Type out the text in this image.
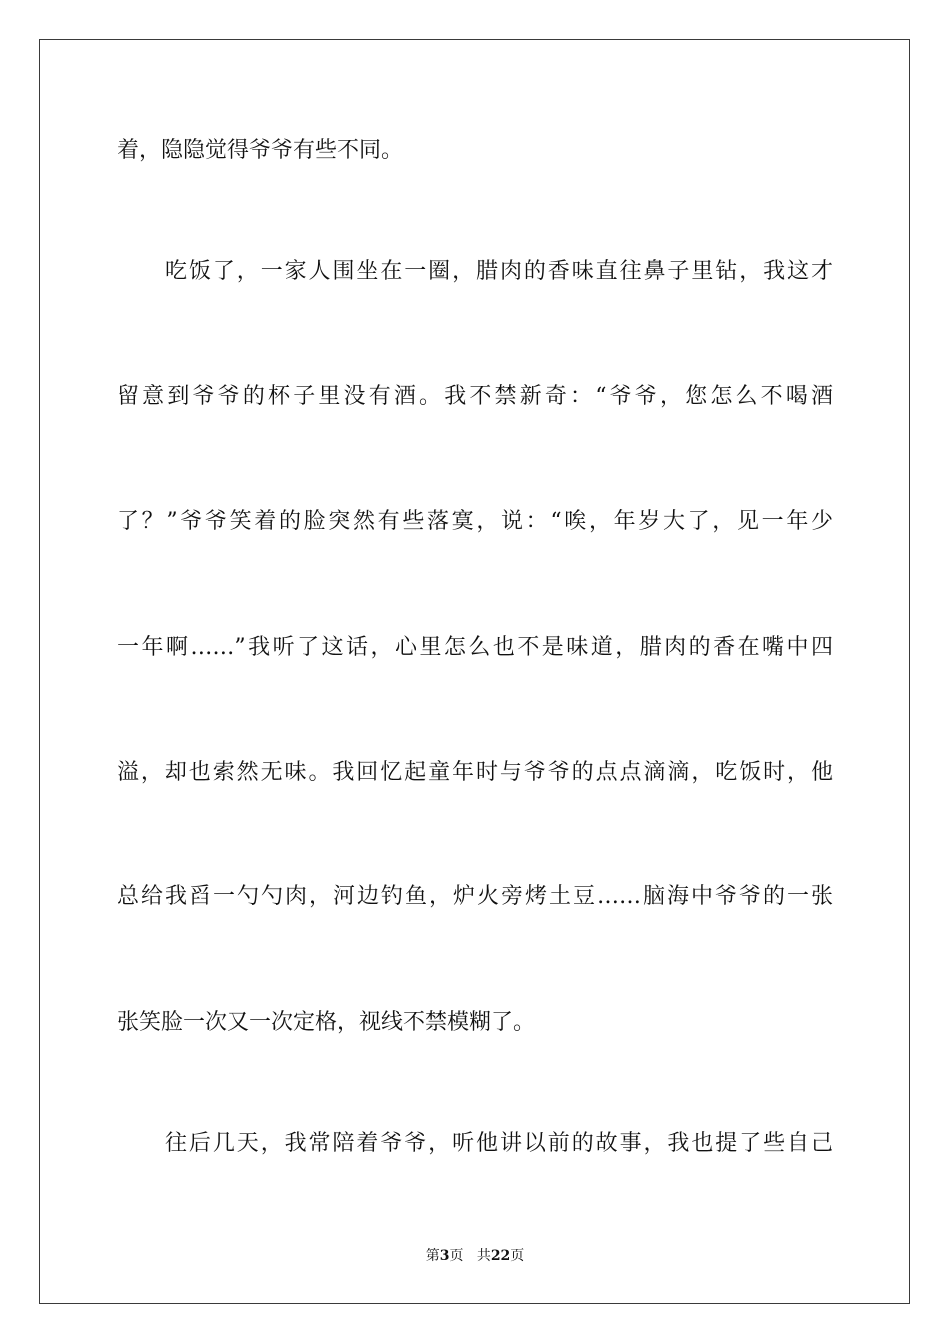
着，隐隐觉得爷爷有些不同。
吃饭了，一家人围坐在一圈，腊肉的香味直往鼻子里钻，我这才
留意到爷爷的杯子里没有酒。我不禁新奇：“爷爷，您怎么不喝酒
了？”爷爷笑着的脸突然有些落寞，说：“唉，年岁大了，见一年少
一年啊……”我听了这话，心里怎么也不是味道，腊肉的香在嘴中四
溢，却也索然无味。我回忆起童年时与爷爷的点点滴滴，吃饭时，他
总给我舀一勺勺肉，河边钓鱼，炉火旁烤土豆……脑海中爷爷的一张
张笑脸一次又一次定格，视线不禁模糊了。
往后几天，我常陪着爷爷，听他讲以前的故事，我也提了些自己
第3页 共22页
